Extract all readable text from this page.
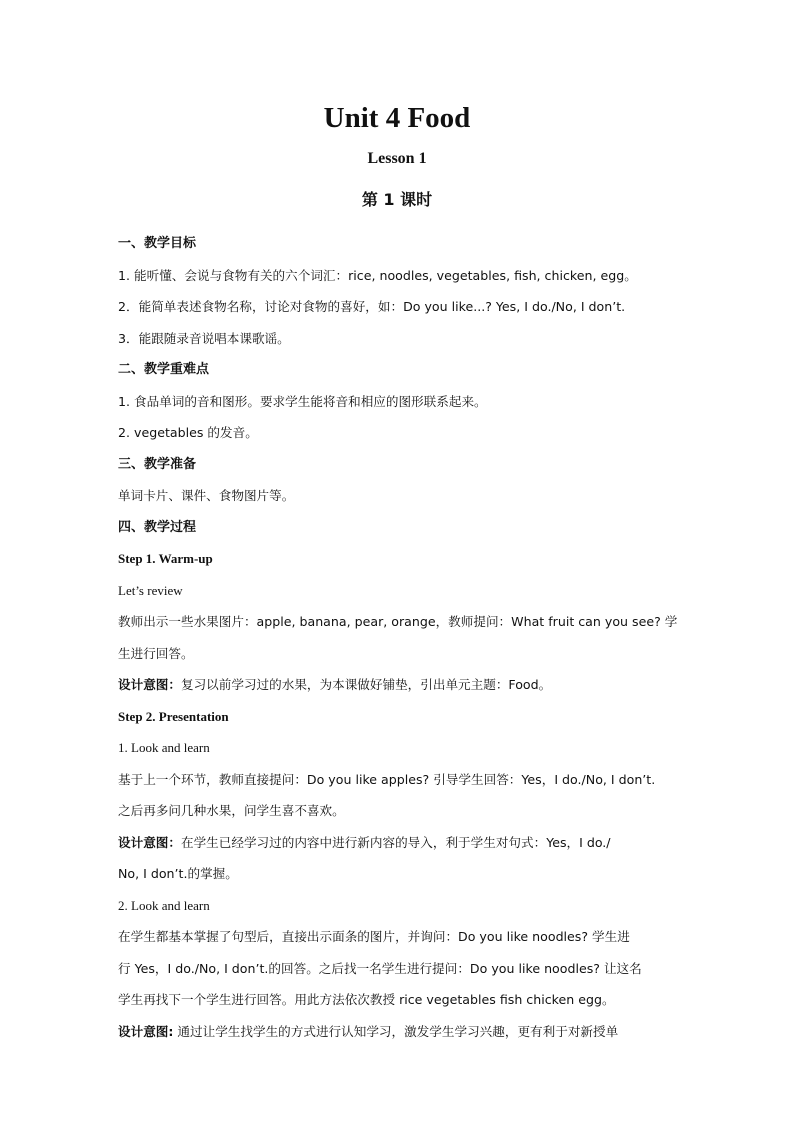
Unit 4 Food
Lesson 1
第 1 课时
一、教学目标
1. 能听懂、会说与食物有关的六个词汇：rice, noodles, vegetables, fish, chicken, egg。
2．能简单表述食物名称，讨论对食物的喜好，如：Do you like...? Yes, I do./No, I don’t.
3．能跟随录音说唱本课歌谣。
二、教学重难点
1. 食品单词的音和图形。要求学生能将音和相应的图形联系起来。
2. vegetables 的发音。
三、教学准备
单词卡片、课件、食物图片等。
四、教学过程
Step 1. Warm-up
Let’s review
教师出示一些水果图片：apple, banana, pear, orange，教师提问：What fruit can you see? 学
生进行回答。
设计意图：复习以前学习过的水果，为本课做好铺垫，引出单元主题：Food。
Step 2. Presentation
1. Look and learn
基于上一个环节，教师直接提问：Do you like apples? 引导学生回答：Yes，I do./No, I don’t.
之后再多问几种水果，问学生喜不喜欢。
设计意图：在学生已经学习过的内容中进行新内容的导入，利于学生对句式：Yes，I do./
No, I don’t.的掌握。
2. Look and learn
在学生都基本掌握了句型后，直接出示面条的图片，并询问：Do you like noodles? 学生进
行 Yes，I do./No, I don’t.的回答。之后找一名学生进行提问：Do you like noodles? 让这名
学生再找下一个学生进行回答。用此方法依次教授 rice vegetables fish chicken egg。
设计意图: 通过让学生找学生的方式进行认知学习，激发学生学习兴趣，更有利于对新授单
